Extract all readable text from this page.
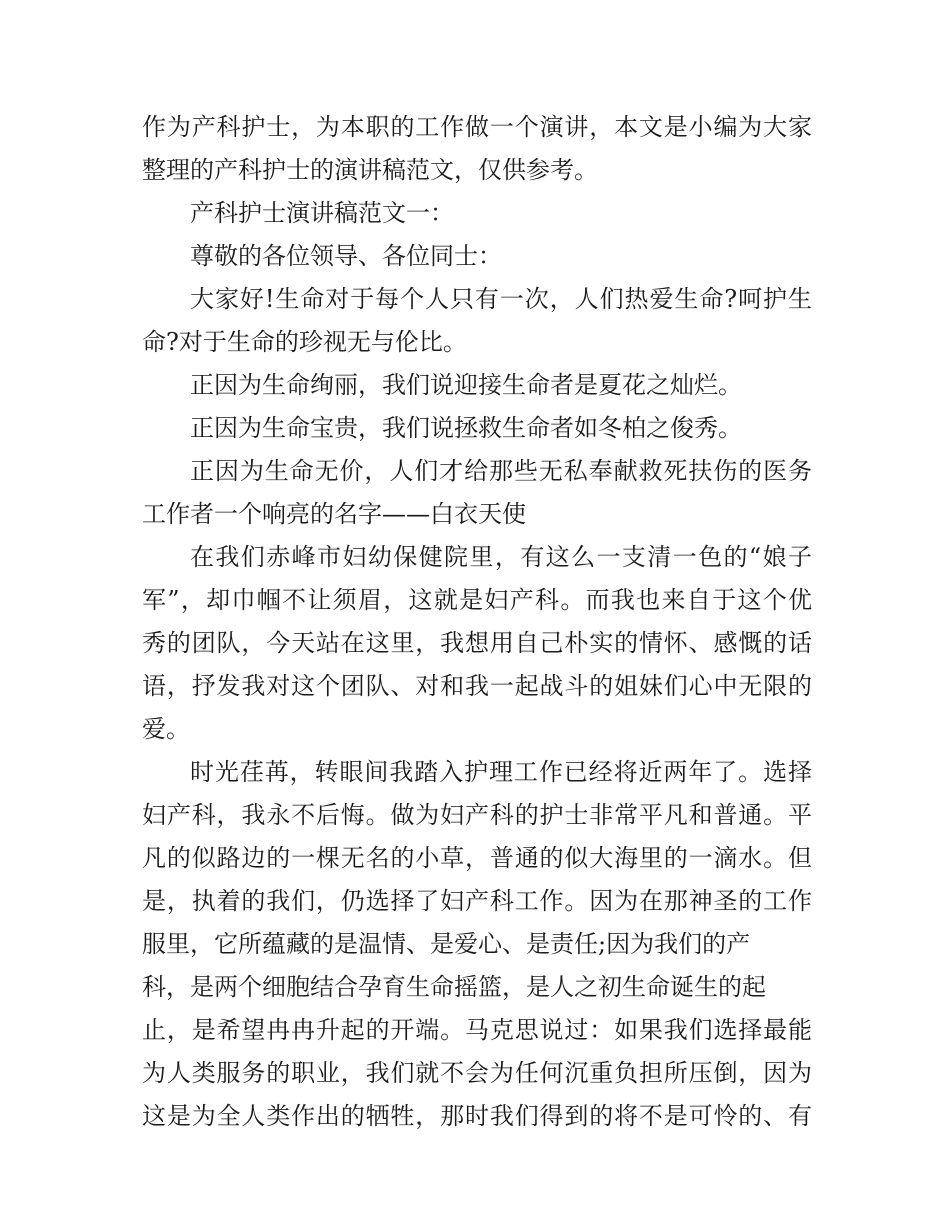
作为产科护士，为本职的工作做一个演讲，本文是小编为大家
整理的产科护士的演讲稿范文，仅供参考。
产科护士演讲稿范文一：
尊敬的各位领导、各位同士：
大家好!生命对于每个人只有一次，人们热爱生命?呵护生
命?对于生命的珍视无与伦比。
正因为生命绚丽，我们说迎接生命者是夏花之灿烂。
正因为生命宝贵，我们说拯救生命者如冬柏之俊秀。
正因为生命无价，人们才给那些无私奉献救死扶伤的医务
工作者一个响亮的名字——白衣天使
在我们赤峰市妇幼保健院里，有这么一支清一色的“娘子
军”，却巾帼不让须眉，这就是妇产科。而我也来自于这个优
秀的团队，今天站在这里，我想用自己朴实的情怀、感慨的话
语，抒发我对这个团队、对和我一起战斗的姐妹们心中无限的
爱。
时光荏苒，转眼间我踏入护理工作已经将近两年了。选择
妇产科，我永不后悔。做为妇产科的护士非常平凡和普通。平
凡的似路边的一棵无名的小草，普通的似大海里的一滴水。但
是，执着的我们，仍选择了妇产科工作。因为在那神圣的工作
服里，它所蕴藏的是温情、是爱心、是责任;因为我们的产
科，是两个细胞结合孕育生命摇篮，是人之初生命诞生的起
止，是希望冉冉升起的开端。马克思说过：如果我们选择最能
为人类服务的职业，我们就不会为任何沉重负担所压倒，因为
这是为全人类作出的牺牲，那时我们得到的将不是可怜的、有
